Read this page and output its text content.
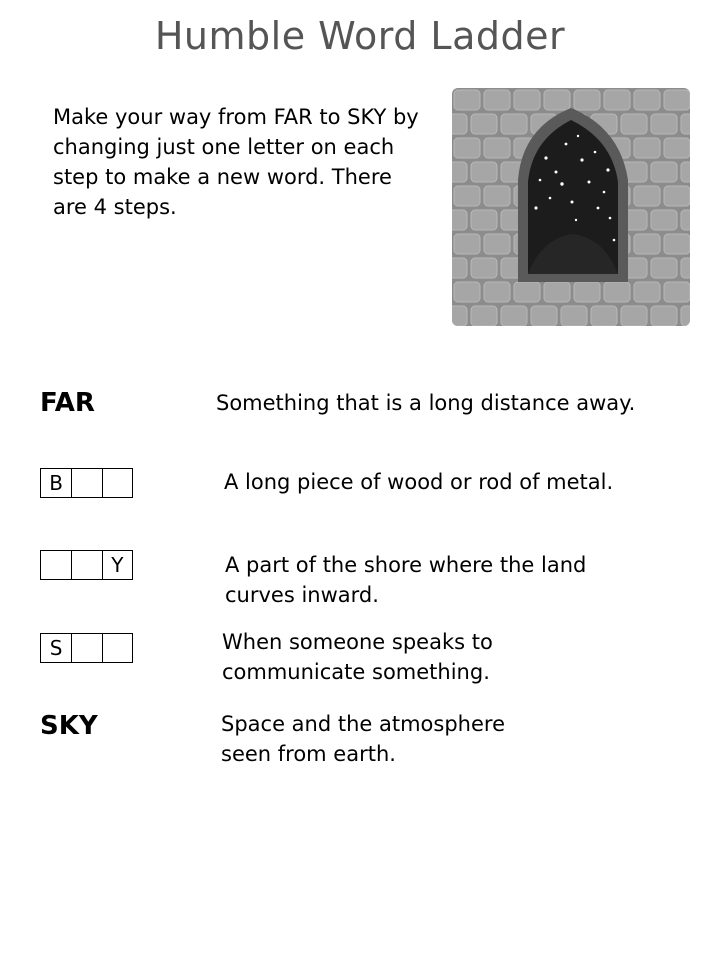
Humble Word Ladder
Make your way from FAR to SKY by changing just one letter on each step to make a new word. There are 4 steps.
FAR	Something that is a long distance away.
B	A long piece of wood or rod of metal.
Y	A part of the shore where the land
curves inward.
S	When someone speaks to
communicate something.
SKY	Space and the atmosphere
seen from earth.
